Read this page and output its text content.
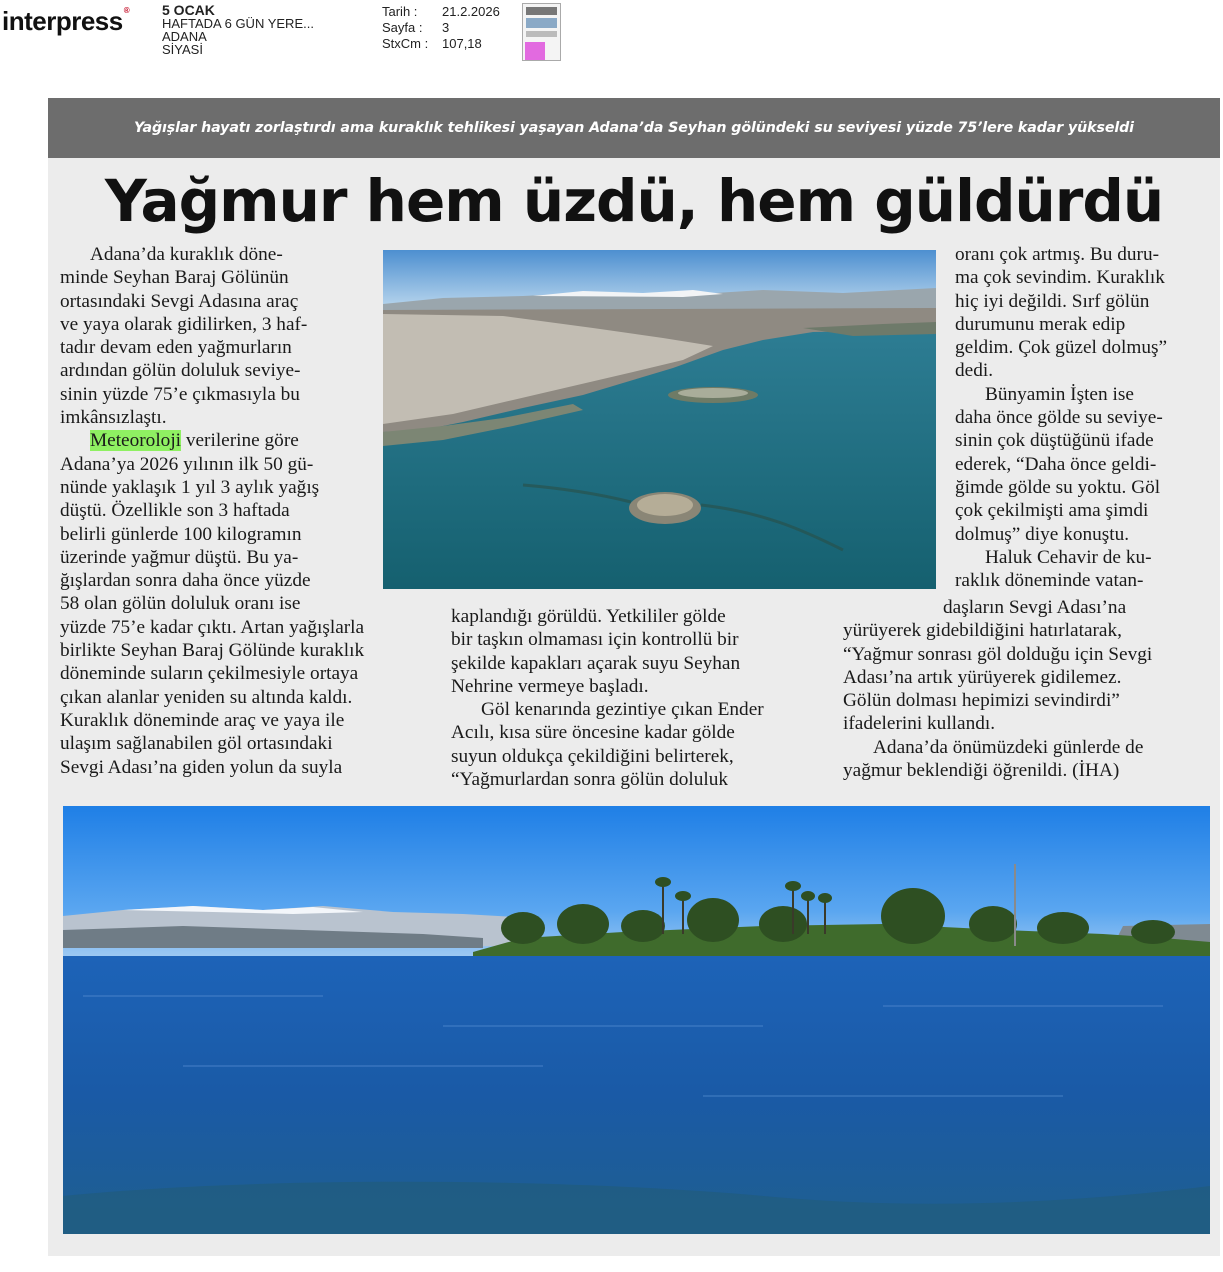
interpress® 5 OCAK
HAFTADA 6 GÜN YERE...
ADANA
SİYASİ
Tarih :	21.2.2026
Sayfa :	3
StxCm :	107,18
Yağışlar hayatı zorlaştırdı ama kuraklık tehlikesi yaşayan Adana’da Seyhan gölündeki su seviyesi yüzde 75’lere kadar yükseldi
Yağmur hem üzdü, hem güldürdü

Adana’da kuraklık döne-

minde Seyhan Baraj Gölünün

ortasındaki Sevgi Adasına araç

ve yaya olarak gidilirken, 3 haf-

tadır devam eden yağmurların

ardından gölün doluluk seviye-

sinin yüzde 75’e çıkmasıyla bu

imkânsızlaştı.

Meteoroloji verilerine göre

Adana’ya 2026 yılının ilk 50 gü-

nünde yaklaşık 1 yıl 3 aylık yağış

düştü. Özellikle son 3 haftada

belirli günlerde 100 kilogramın

üzerinde yağmur düştü. Bu ya-

ğışlardan sonra daha önce yüzde

58 olan gölün doluluk oranı ise

yüzde 75’e kadar çıktı. Artan yağışlarla

birlikte Seyhan Baraj Gölünde kuraklık

döneminde suların çekilmesiyle ortaya

çıkan alanlar yeniden su altında kaldı.

Kuraklık döneminde araç ve yaya ile

ulaşım sağlanabilen göl ortasındaki

Sevgi Adası’na giden yolun da suyla

kaplandığı görüldü. Yetkililer gölde

bir taşkın olmaması için kontrollü bir

şekilde kapakları açarak suyu Seyhan

Nehrine vermeye başladı.

Göl kenarında gezintiye çıkan Ender

Acılı, kısa süre öncesine kadar gölde

suyun oldukça çekildiğini belirterek,

“Yağmurlardan sonra gölün doluluk

oranı çok artmış. Bu duru-

ma çok sevindim. Kuraklık

hiç iyi değildi. Sırf gölün

durumunu merak edip

geldim. Çok güzel dolmuş”

dedi.

Bünyamin İşten ise

daha önce gölde su seviye-

sinin çok düştüğünü ifade

ederek, “Daha önce geldi-

ğimde gölde su yoktu. Göl

çok çekilmişti ama şimdi

dolmuş” diye konuştu.

Haluk Cehavir de ku-

raklık döneminde vatan-

daşların Sevgi Adası’na

yürüyerek gidebildiğini hatırlatarak,

“Yağmur sonrası göl dolduğu için Sevgi

Adası’na artık yürüyerek gidilemez.

Gölün dolması hepimizi sevindirdi”

ifadelerini kullandı.

Adana’da önümüzdeki günlerde de

yağmur beklendiği öğrenildi. (İHA)
